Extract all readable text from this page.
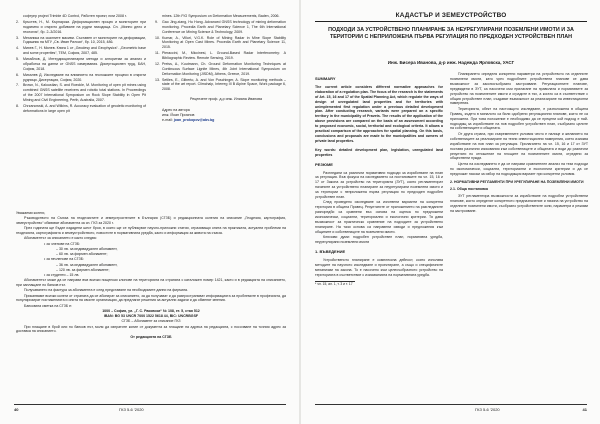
софтуер project Trimble 4D Control, Работен проект, юли 2008 г.
2.	Кръстев, Н., М. Кърпарски. Деформационен процес и мониторинг при подземно и открито добиване на рудни находища. Сп. „Минно дело и геология“, бр. 2–3/2016.
3.	Механика на скалните масиви. Съставен от мониторинг на деформации, Годишник на МГУ „Св. Иван Рилски“, бр. 10, 2015, 486.
4.	Михев Г., Н. Милев. Книга 1 от „Geodesy and Geophysics“. „Geometric base and some properties“, TEM, София, 2007, 485.
5.	Михайлов, Д. Интердисциплинарни методи и алгоритми за анализ и обработка на данни от GNSS измервания. Дисертационен труд, БАН, София, 2018.
6.	Михалев Д. Изследване на влиянието на геоложките процеси в открити рудници. Дисертация, София, 2020.
7.	Brown, N., Kaloustian, S. and Roeckle, M. Monitoring of open pit mines using combined GNSS satellite receivers and robotic total stations. In Proceedings of the 2007 International Symposium on Rock Slope Stability in Open Pit Mining and Civil Engineering, Perth, Australia, 2007.
8.	Chrzanowski, A. and Wilkins, R. Accuracy evaluation of geodetic monitoring of deformations in large open pit
mines. 12th FIG Symposium on Deformation Measurements, Baden, 2006.
9.	Gao Jing-xiang, Hu Hong. Advanced GNSS technology of mining deformation monitoring. Procedia Earth and Planetary Science 1, The 6th International Conference on Mining Science & Technology, 2009.
10. Kumar, A., Villuri, V.G.K. Role of Mining Radar in Mine Slope Stability Monitoring at Open Cast Mines. Procedia Earth and Planetary Science 11, 2015.
11. Pieraccini, M., Miccinesi, L. Ground-Based Radar Interferometry: A Bibliographic Review. Remote Sensing, 2019.
12. Preiss, A., Kuutmann, Ch. Ground Deformation Monitoring Techniques at Continuous Surface Lignite Mines, 4th Joint International Symposium on Deformation Monitoring (JISDM), Athens, Greece, 2019.
13. Setlles, E., Gilberto, A. and Von Poschinger, A. Slope monitoring methods – state of the art report. Climchalp, Interreg III B Alpine Space, Work package 6, 2008.
Рецензент проф. д-р инж. Илиана Иванова
Адрес на автора
инж. Йоан Проянов
e-mail: joan_prokopov@abv.bg

Уважаеми колеги,

Ръководството на Съюза на геодезистите и земеустроителите в България (СГЗБ) и редакционната колегия на списание „Геодезия, картография, земеустройство“ обявяват абонамента за сп. ГКЗ за 2020 г.

През годината ще бъдат издадени шест броя, в които ще се публикуват научно-приложни статии, отразяващи опита на практиката, актуални проблеми на геодезията, картографията и земеустройството, новостите в нормативната уредба, както и информация за живота на съюза.

Абонаментът за списанието е както следва:

• за членове на СГЗБ:

– 30 лв. за индивидуален абонамент,

– 60 лв. за фирмен абонамент;

• за нечленове на СГЗБ:

– 36 лв. за индивидуален абонамент,

– 120 лв. за фирмен абонамент;

• за студенти – 15 лв.

Абонаментът може да се направи във всички пощенски клонове на територията на страната с каталожен номер 1421, както и в редакцията на списанието, при заплащане по банков път.

Получаването на фактура за абонамента е след представяне на необходимите данни на фирмата.

Приканваме всички колеги от страната да се абонират за списанието, за да получават и да разпространяват информацията за проблемите в професията, да популяризират постиженията и опита на своите организации, да предлагат решения за актуални задачи и да обменят мнения.

Банковата сметка на СГЗБ е:

1000 – София, ул. „Г. С. Раковски“ № 108, ет. 5, стая 512

IBAN: BG 53 UNCR 7000 1522 5618 44, BIC: UNCRBGSF

СГЗБ – Абонамент за списание ГКЗ

При плащане в брой или по банков път, моля да изпратите копие от документа за плащане на адреса на редакцията, с посочване на точния адрес за доставка на списанието.

От редакцията на СГЗБ

40	ГКЗ 5-6 ’2020
КАДАСТЪР И ЗЕМЕУСТРОЙСТВО
ПОДХОДИ ЗА УСТРОЙСТВЕНО ПЛАНИРАНЕ ЗА НЕУРЕГУЛИРАНИ ПОЗЕМЛЕНИ ИМОТИ И ЗА ТЕРИТОРИИ С НЕПРИЛОЖЕНА ПЪРВА РЕГУЛАЦИЯ ПО ПРЕДХОДЕН УСТРОЙСТВЕН ПЛАН
Инж. Бисера Иванова, д-р инж. Надежда Ярловска, УАСГ

SUMMARY

The current article considers different normative approaches for elaboration of a regulation plan. The focus of the research is the statements of Art. 15, 16 and 17 of the Spatial Planning Act, which regulate the ways of design of unregulated land properties and for territories with unimplemented first regulation under a previous detailed development plan. After conducting research, variants were prepared on a specific territory in the municipality of Pravets. The results of the application of the above provisions are compared on the basis of an assessment according to proposed economic, social, territorial and ecological criteria. It allows a practical comparison of the approaches for spatial planning. On this basis, conclusions and proposals are made to the municipalities and owners of private land properties.

Key words: detailed development plan, legislation, unregulated land properties

РЕЗЮМЕ

Разгледани са различни нормативни подходи за изработване на план за регулация. Във фокуса на изследването са постановките на чл. 15, 16 и 17 от Закона за устройство на територията (ЗУТ), които регламентират начините за устройствено планиране за неурегулирани поземлени имоти и за територии с неприложена първа регулация по предходен подробен устройствен план.

След проведено изследване са изготвени варианти на конкретна територия в община Правец. Резултатите от приложението на разгледаните разпоредби са сравнени въз основа на оценка по предложени икономически, социални, териториални и екологични критерии. Тя дава възможност за практическо сравнение на подходите за устройствено планиране. На тази основа са направени изводи и предложения към общините и собствениците на поземлени имоти.

Ключови думи: подробен устройствен план, нормативна уредба, неурегулирани поземлени имоти

1. ВЪВЕДЕНИЕ

Устройственото планиране е комплексна дейност, която използва методите на научното изследване и проектиране, а също и специфичните механизми на закона. То е насочено към целесъобразното устройство на територията в съответствие с изискванията на нормативната уредба.

* чл. 15, ал. 1, т. 3 и т. 17

Планирането определя конкретни параметри на устройството на отделните поземлени имоти, като чрез подробните устройствени планове се дава възможност за законосъобразно застрояване. Регулационните планове, предвидени в ЗУТ, са насочени към прилагане на правилата и нормативите за устройство на поземлените имоти и сградите в тях, а когато са в съответствие с общия устройствен план, създават възможност за реализиране на инвестиционни намерения.

Територията, обект на настоящото изследване, е разположена в община Правец, където в миналото са били одобрени регулационни планове, които не са приложени. При това положение е необходимо да се прецени кой подход е най-подходящ за изработване на нов подробен устройствен план, съобразно целите на собствениците и общината.

От друга страна, при съвременните условия често е налице и желанието на собствениците за реализиране на техни инвестиционни намерения, което изисква изработване на нов план за регулация. Прилагането на чл. 15, 16 и 17 от ЗУТ поставя различни изисквания към собствениците и общината и води до различни резултати по отношение на площите на поземлените имоти, отредени за обществени нужди.

Целта на изследването е да се направи сравнителен анализ на тези подходи по икономически, социални, териториални и екологични критерии и да се предложат насоки за избор на подходящия вариант при конкретни условия.

2. НОРМАТИВНИ РЕГЛАМЕНТИ ПРИ УРЕГУЛИРАНЕ НА ПОЗЕМЛЕНИ ИМОТИ

2.1. Обща постановка

ЗУТ регламентира възможности за изработване на подробни устройствени планове, които определят конкретното предназначение и начина на устройство на отделните поземлени имоти, съобразно устройствените зони, параметри и режими на застрояване.

ГКЗ 5-6 ’2020	41
